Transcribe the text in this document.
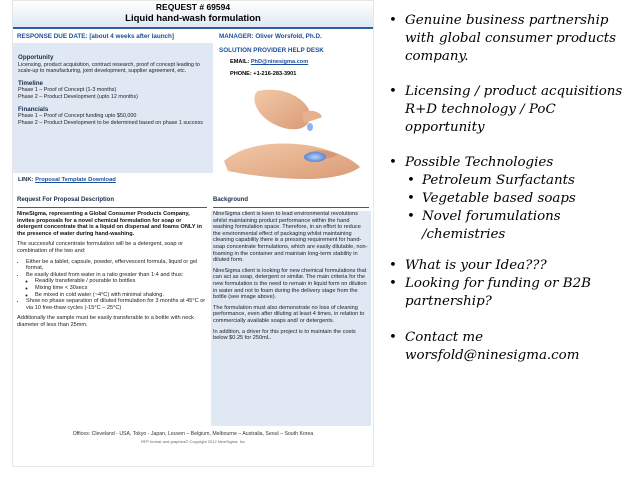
REQUEST # 69594
Liquid hand-wash formulation
RESPONSE DUE DATE: [about 4 weeks after launch]	MANAGER: Oliver Worsfold, Ph.D.
SOLUTION PROVIDER HELP DESK
EMAIL: PhD@ninesigma.com
PHONE: +1-216-283-3901
Opportunity
Licensing, product acquisition, contract research, proof of concept leading to scale-up to manufacturing, joint development, supplier agreement, etc.
Timeline
Phase 1 – Proof of Concept (1-3 months)
Phase 2 – Product Development (upto 12 months)
Financials
Phase 1 – Proof of Concept funding upto $50,000
Phase 2 – Product Development to be determined based on phase 1 success
LINK: Proposal Template Download
Request For Proposal Description	Background

NineSigma, representing a Global Consumer Products Company, invites proposals for a novel chemical formulation for soap or detergent concentrate that is a liquid on dispersal and foams ONLY in the presence of water during hand-washing.

The successful concentrate formulation will be a detergent, soap or combination of the two and:

• Either be a tablet, capsule, powder, effervescent formula, liquid or gel format,
• Be easily diluted from water in a ratio greater than 1:4 and thus:
◦ Readily transferable / pourable to bottles
◦ Mixing time < 30secs
◦ Be mixed in cold water (~4°C) with minimal shaking.
• Show no phase separation of diluted formulation for 3 months at 45°C or via 10 free-thaw cycles (-15°C – 25°C)

Additionally the sample must be easily transferable to a bottle with neck diameter of less than 25mm.

NineSigma client is keen to lead environmental revolutions whilst maintaining product performance within the hand washing formulation space. Therefore, in an effort to reduce the environmental effect of packaging whilst maintaining cleaning capability there is a pressing requirement for hand-soap concentrate formulations, which are easily dilutable, non-foaming in the container and maintain long-term stability in diluted form.

NineSigma client is looking for new chemical formulations that can act as soap, detergent or similar. The main criteria for the new formulation is the need to remain in liquid form on dilution in water and not to foam during the delivery stage from the bottle (see image above).

The formulation must also demonstrate no loss of cleaning performance, even after diluting at least 4 times, in relation to commercially available soaps and/ or detergents.

In addition, a driver for this project is to maintain the costs below $0.25 for 250mL.

Offices: Cleveland - USA, Tokyo - Japan, Leuven – Belgium, Melbourne – Australia, Seoul – South Korea
RFP format and graphics© Copyright 2012 NineSigma, Inc
• Genuine business partnership with global consumer products company.
• Licensing / product acquisitions R+D technology / PoC opportunity
• Possible Technologies
• Petroleum Surfactants
• Vegetable based soaps
• Novel forumulations /chemistries
• What is your Idea???
• Looking for funding or B2B partnership?
• Contact me
worsfold@ninesigma.com
